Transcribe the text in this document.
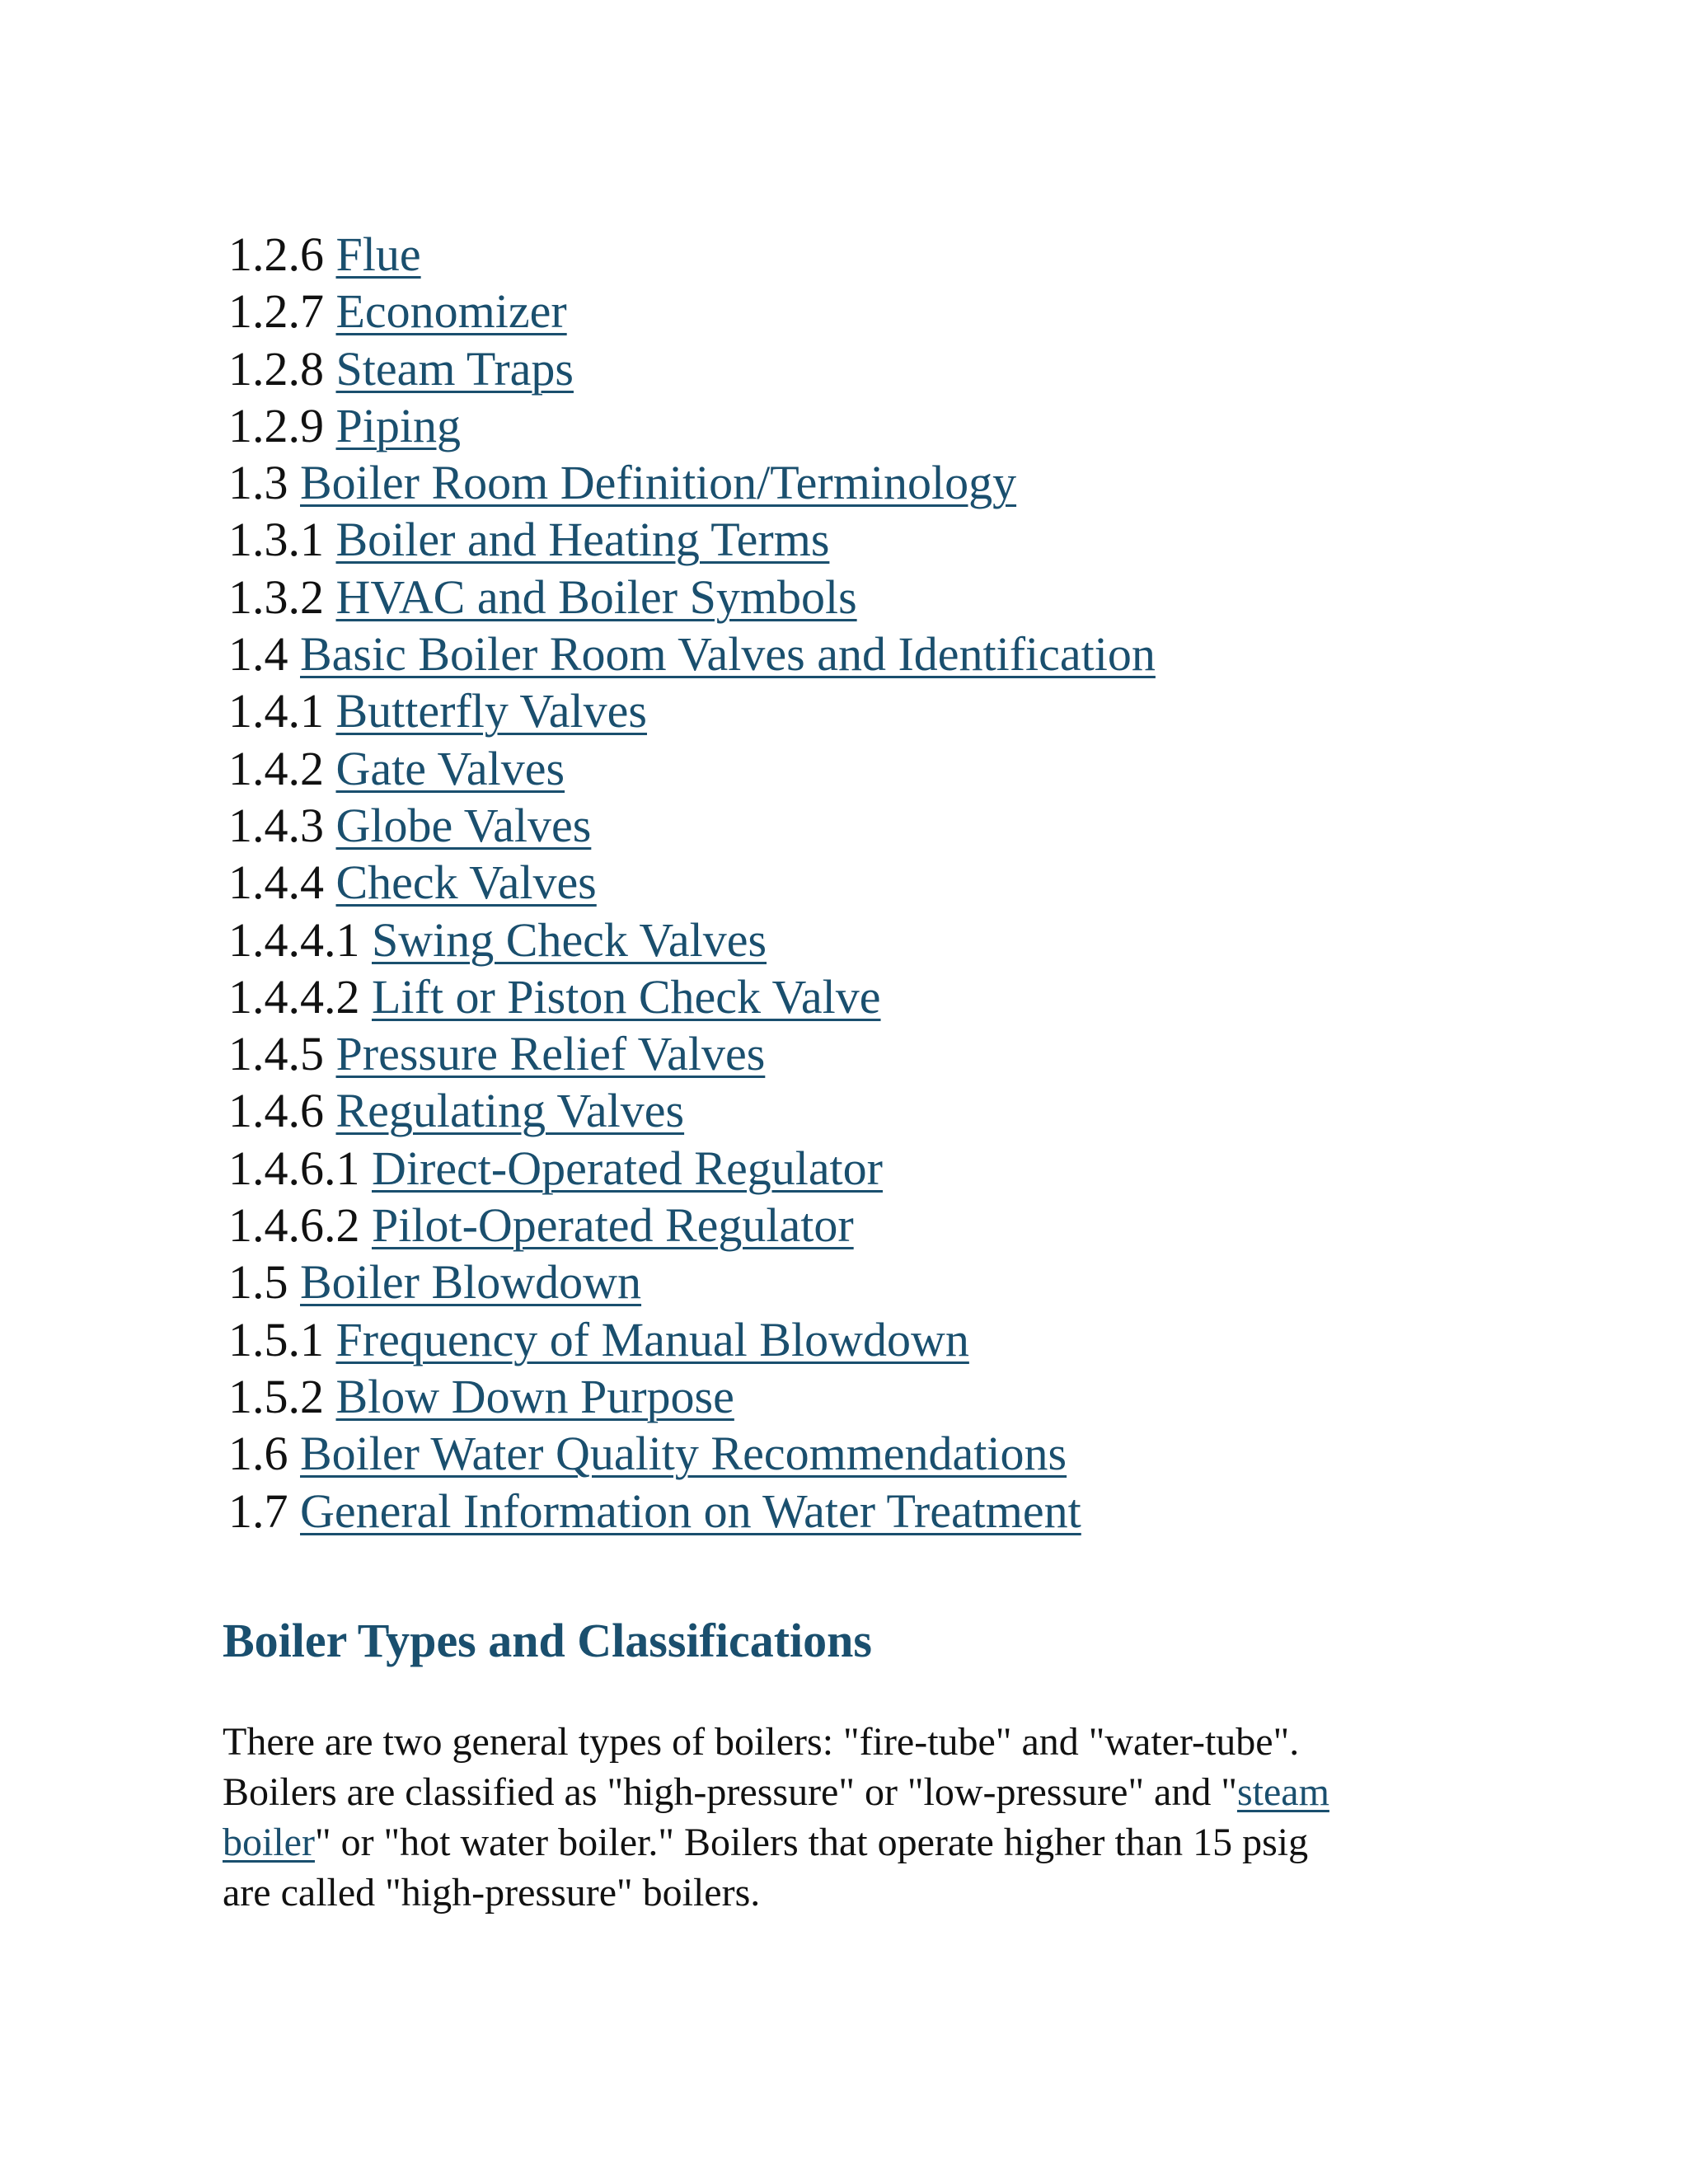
1.2.6 Flue
1.2.7 Economizer
1.2.8 Steam Traps
1.2.9 Piping
1.3 Boiler Room Definition/Terminology
1.3.1 Boiler and Heating Terms
1.3.2 HVAC and Boiler Symbols
1.4 Basic Boiler Room Valves and Identification
1.4.1 Butterfly Valves
1.4.2 Gate Valves
1.4.3 Globe Valves
1.4.4 Check Valves
1.4.4.1 Swing Check Valves
1.4.4.2 Lift or Piston Check Valve
1.4.5 Pressure Relief Valves
1.4.6 Regulating Valves
1.4.6.1 Direct-Operated Regulator
1.4.6.2 Pilot-Operated Regulator
1.5 Boiler Blowdown
1.5.1 Frequency of Manual Blowdown
1.5.2 Blow Down Purpose
1.6 Boiler Water Quality Recommendations
1.7 General Information on Water Treatment
Boiler Types and Classifications

There are two general types of boilers: "fire-tube" and "water-tube".
Boilers are classified as "high-pressure" or "low-pressure" and "steam
boiler" or "hot water boiler." Boilers that operate higher than 15 psig
are called "high-pressure" boilers.
